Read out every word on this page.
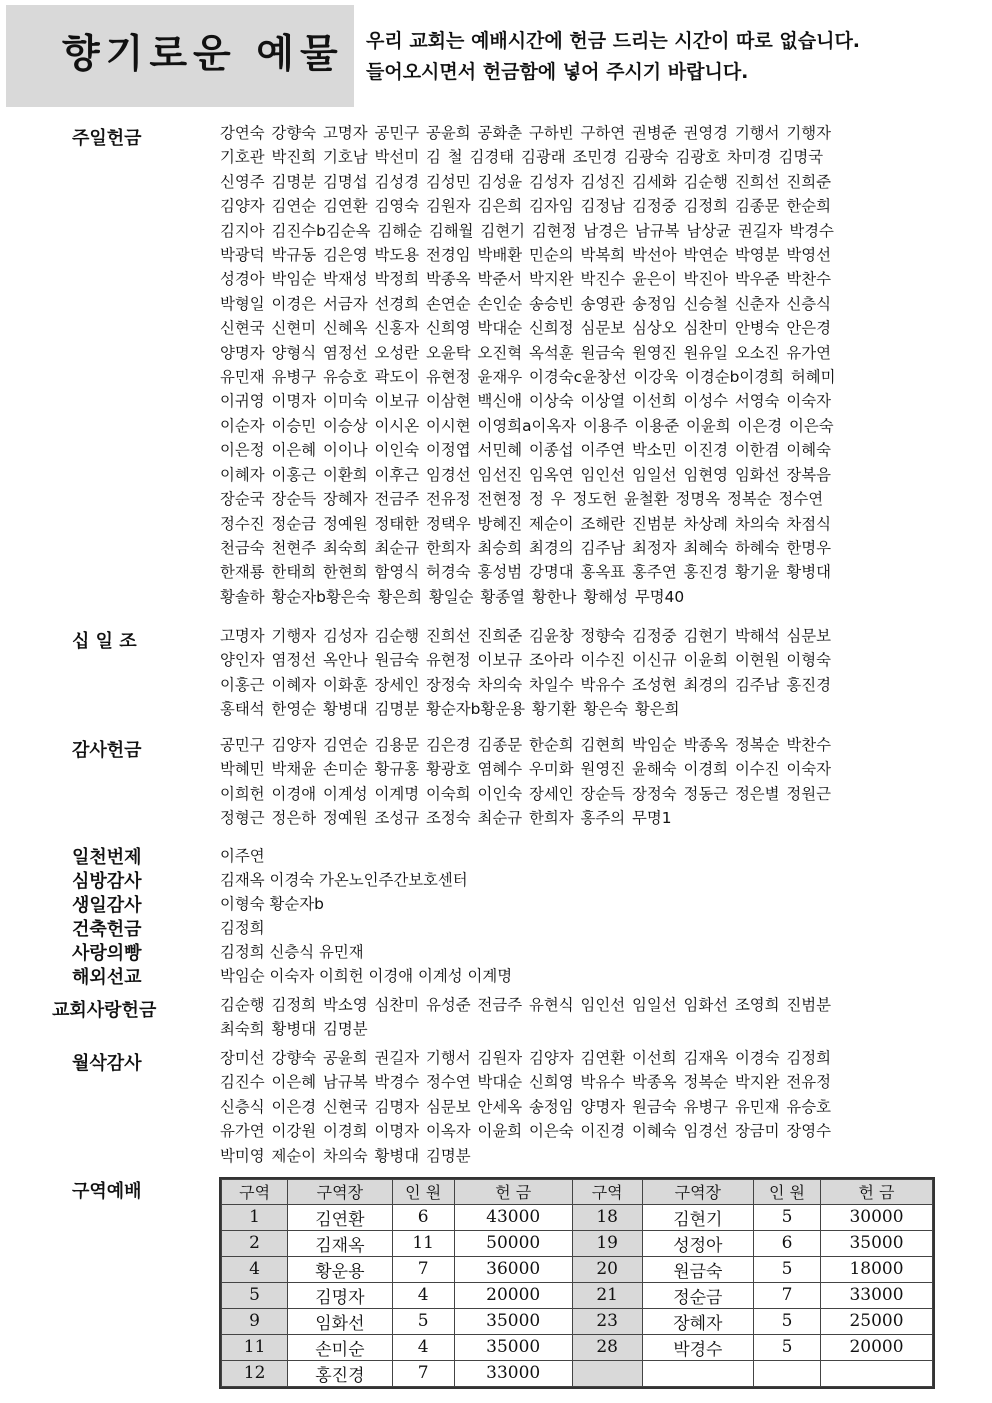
향기로운 예물 우리 교회는 예배시간에 헌금 드리는 시간이 따로 없습니다.
들어오시면서 헌금함에 넣어 주시기 바랍니다.
주일헌금	강연숙 강향숙 고명자 공민구 공윤희 공화춘 구하빈 구하연 권병준 권영경 기행서 기행자
기호관 박진희 기호남 박선미 김 철 김경태 김광래 조민경 김광숙 김광호 차미경 김명국
신영주 김명분 김명섭 김성경 김성민 김성윤 김성자 김성진 김세화 김순행 진희선 진희준
김양자 김연순 김연환 김영숙 김원자 김은희 김자임 김정남 김정중 김정희 김종문 한순희
김지아 김진수b김순옥 김해순 김해월 김현기 김현정 남경은 남규복 남상균 권길자 박경수
박광덕 박규동 김은영 박도용 전경임 박배환 민순의 박복희 박선아 박연순 박영분 박영선
성경아 박임순 박재성 박정희 박종옥 박준서 박지완 박진수 윤은이 박진아 박우준 박찬수
박형일 이경은 서금자 선경희 손연순 손인순 송승빈 송영관 송정임 신승철 신춘자 신층식
신현국 신현미 신혜옥 신홍자 신희영 박대순 신희정 심문보 심상오 심찬미 안병숙 안은경
양명자 양형식 염정선 오성란 오윤탁 오진혁 옥석훈 원금숙 원영진 원유일 오소진 유가연
유민재 유병구 유승호 곽도이 유현정 윤재우 이경숙c윤창선 이강욱 이경순b이경희 허혜미
이귀영 이명자 이미숙 이보규 이삼현 백신애 이상숙 이상열 이선희 이성수 서영숙 이숙자
이순자 이승민 이승상 이시온 이시현 이영희a이옥자 이용주 이용준 이윤희 이은경 이은숙
이은정 이은혜 이이나 이인숙 이정엽 서민혜 이종섭 이주연 박소민 이진경 이한겸 이혜숙
이혜자 이홍근 이환희 이후근 임경선 임선진 임옥연 임인선 임일선 임현영 임화선 장복음
장순국 장순득 장혜자 전금주 전유정 전현정 정 우 정도헌 윤철환 정명옥 정복순 정수연
정수진 정순금 정예원 정태한 정택우 방혜진 제순이 조해란 진범분 차상례 차의숙 차점식
천금숙 천현주 최숙희 최순규 한희자 최승희 최경의 김주남 최정자 최혜숙 하혜숙 한명우
한재룡 한태희 한현희 함영식 허경숙 홍성범 강명대 홍옥표 홍주연 홍진경 황기윤 황병대
황솔하 황순자b황은숙 황은희 황일순 황종열 황한나 황해성 무명40
십 일 조	고명자 기행자 김성자 김순행 진희선 진희준 김윤창 정향숙 김정중 김현기 박해석 심문보
양인자 염정선 옥안나 원금숙 유현정 이보규 조아라 이수진 이신규 이윤희 이현원 이형숙
이홍근 이혜자 이화훈 장세인 장정숙 차의숙 차일수 박유수 조성현 최경의 김주남 홍진경
홍태석 한영순 황병대 김명분 황순자b황운용 황기환 황은숙 황은희
감사헌금	공민구 김양자 김연순 김용문 김은경 김종문 한순희 김현희 박임순 박종옥 정복순 박찬수
박혜민 박채윤 손미순 황규홍 황광호 염혜수 우미화 원영진 윤해숙 이경희 이수진 이숙자
이희헌 이경애 이계성 이계명 이숙희 이인숙 장세인 장순득 장정숙 정동근 정은별 정원근
정형근 정은하 정예원 조성규 조정숙 최순규 한희자 홍주의 무명1
일천번제	이주연
심방감사	김재옥 이경숙 가온노인주간보호센터
생일감사	이형숙 황순자b
건축헌금	김정희
사랑의빵	김정희 신층식 유민재
해외선교	박임순 이숙자 이희헌 이경애 이계성 이계명
교회사랑헌금	김순행 김정희 박소영 심찬미 유성준 전금주 유현식 임인선 임일선 임화선 조영희 진범분
최숙희 황병대 김명분
월삭감사	장미선 강향숙 공윤희 권길자 기행서 김원자 김양자 김연환 이선희 김재옥 이경숙 김정희
김진수 이은혜 남규복 박경수 정수연 박대순 신희영 박유수 박종옥 정복순 박지완 전유정
신층식 이은경 신현국 김명자 심문보 안세옥 송정임 양명자 원금숙 유병구 유민재 유승호
유가연 이강원 이경희 이명자 이옥자 이윤희 이은숙 이진경 이혜숙 임경선 장금미 장영수
박미영 제순이 차의숙 황병대 김명분
구역예배	구역	구역장	인 원	헌 금	구역	구역장	인 원	헌 금
1	김연환	6	43000	18	김현기	5	30000
2	김재옥	11	50000	19	성정아	6	35000
4	황운용	7	36000	20	원금숙	5	18000
5	김명자	4	20000	21	정순금	7	33000
9	임화선	5	35000	23	장혜자	5	25000
11	손미순	4	35000	28	박경수	5	20000
12	홍진경	7	33000				
